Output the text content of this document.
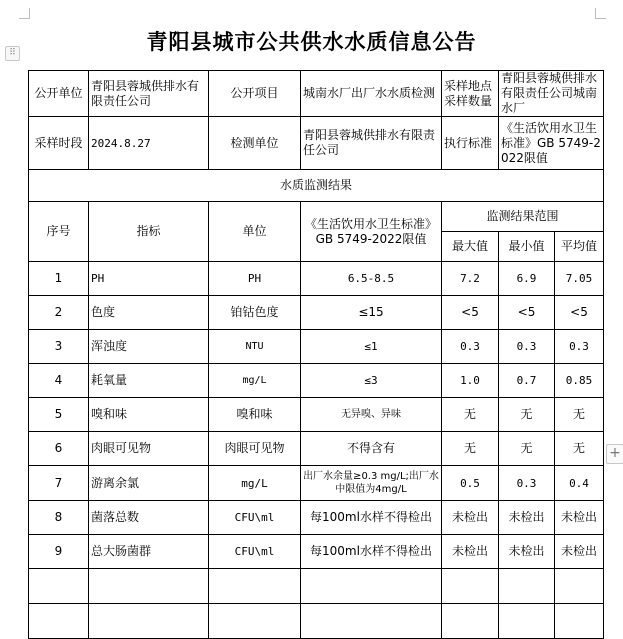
⠿
+
青阳县城市公共供水水质信息公告
公开单位	青阳县蓉城供排水有限责任公司	公开项目	城南水厂出厂水水质检测	采样地点采样数量	青阳县蓉城供排水有限责任公司城南水厂	
采样时段	2024.8.27	检测单位	青阳县蓉城供排水有限责任公司	执行标准	《生活饮用水卫生标准》GB 5749-2022限值	
水质监测结果						
序号	指标	单位	《生活饮用水卫生标准》GB 5749-2022限值	监测结果范围		
				最大值	最小值	平均值
1	PH	PH	6.5-8.5	7.2	6.9	7.05
2	色度	铂钴色度	≤15	<5	<5	<5
3	浑浊度	NTU	≤1	0.3	0.3	0.3
4	耗氧量	mg/L	≤3	1.0	0.7	0.85
5	嗅和味	嗅和味	无异嗅、异味	无	无	无
6	肉眼可见物	肉眼可见物	不得含有	无	无	无
7	游离余氯	mg/L	出厂水余量≥0.3 mg/L;出厂水中限值为4mg/L	0.5	0.3	0.4
8	菌落总数	CFU\ml	每100ml水样不得检出	未检出	未检出	未检出
9	总大肠菌群	CFU\ml	每100ml水样不得检出	未检出	未检出	未检出
